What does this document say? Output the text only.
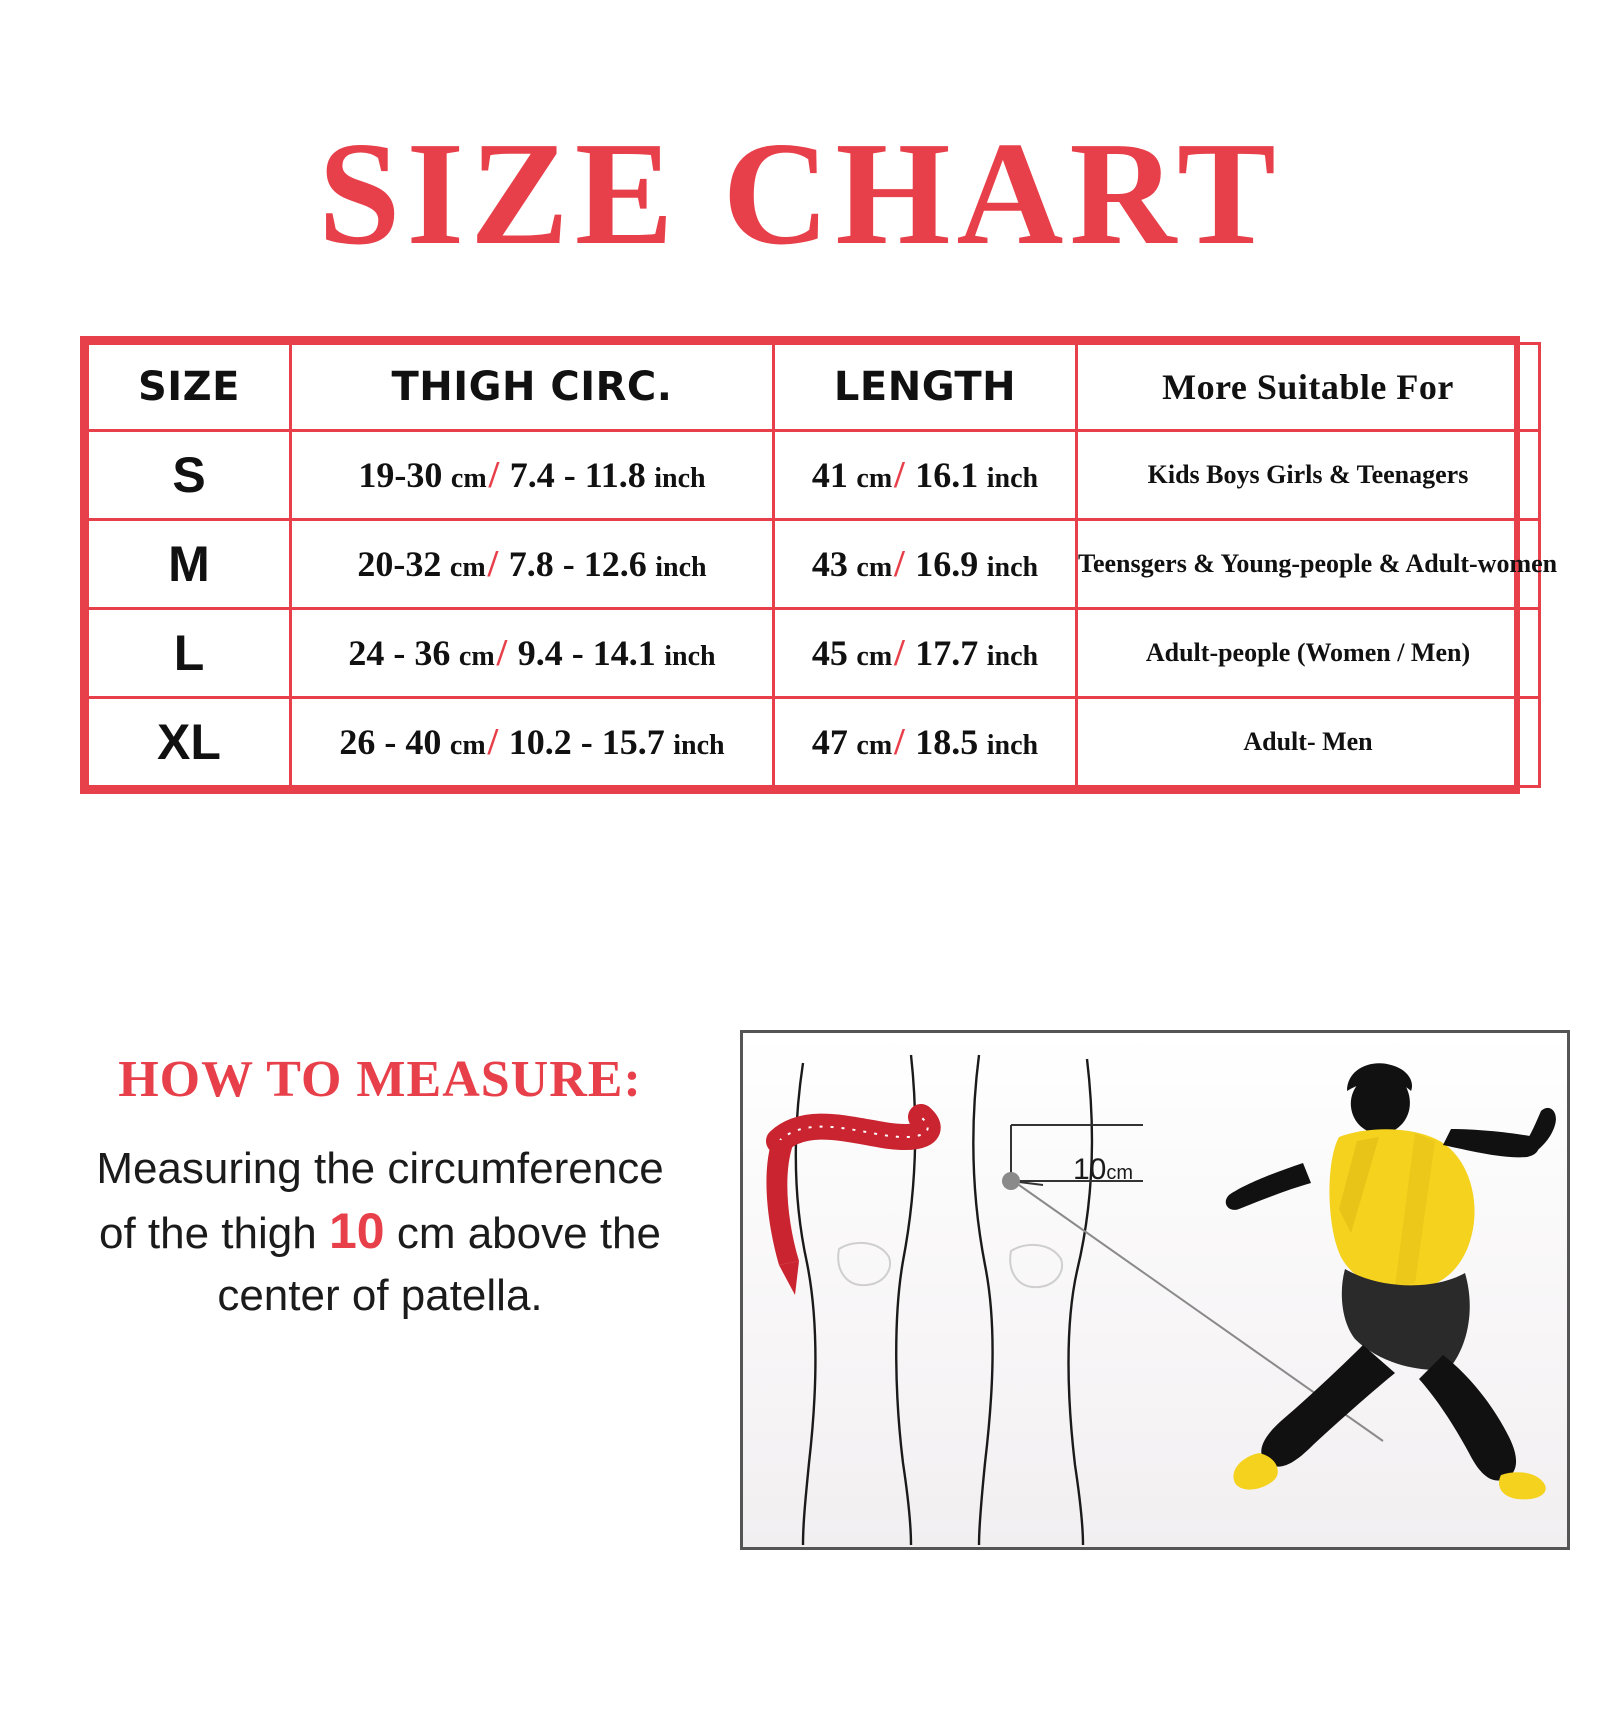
SIZE CHART
SIZE	THIGH CIRC.	LENGTH	More Suitable For
S	19-30 cm/ 7.4 - 11.8 inch	41 cm/ 16.1 inch	Kids Boys Girls & Teenagers
M	20-32 cm/ 7.8 - 12.6 inch	43 cm/ 16.9 inch	Teensgers & Young-people & Adult-women
L	24 - 36 cm/ 9.4 - 14.1 inch	45 cm/ 17.7 inch	Adult-people (Women / Men)
XL	26 - 40 cm/ 10.2 - 15.7 inch	47 cm/ 18.5 inch	Adult- Men
HOW TO MEASURE:
Measuring the circumference
of the thigh 10 cm above the
center of patella.
10cm
